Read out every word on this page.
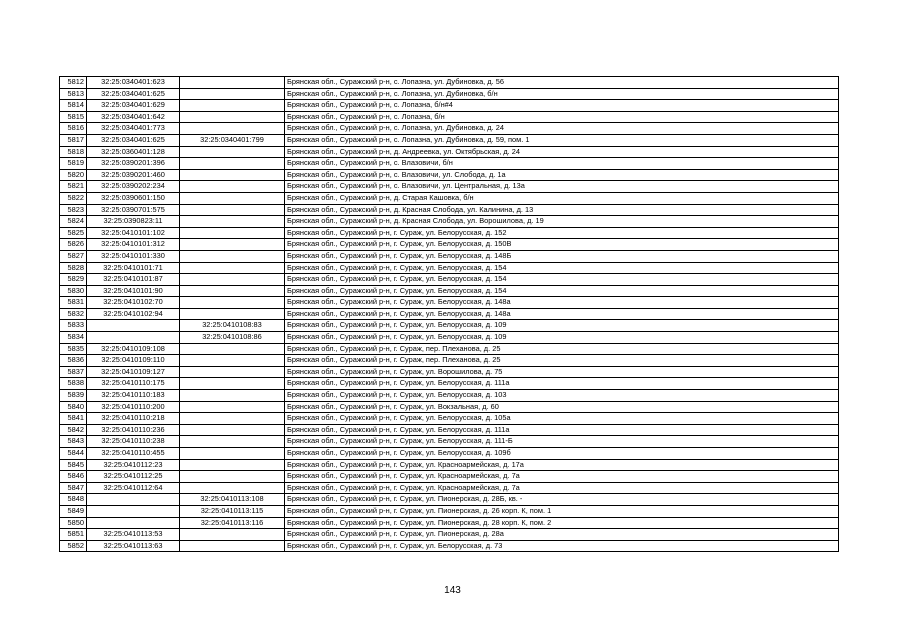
5812	32:25:0340401:623		Брянская обл., Суражский р-н, с. Лопазна, ул. Дубиновка, д. 56
5813	32:25:0340401:625		Брянская обл., Суражский р-н, с. Лопазна, ул. Дубиновка, б/н
5814	32:25:0340401:629		Брянская обл., Суражский р-н, с. Лопазна, б/н#4
5815	32:25:0340401:642		Брянская обл., Суражский р-н, с. Лопазна, б/н
5816	32:25:0340401:773		Брянская обл., Суражский р-н, с. Лопазна, ул. Дубиновка, д. 24
5817	32:25:0340401:625	32:25:0340401:799	Брянская обл., Суражский р-н, с. Лопазна, ул. Дубиновка, д. 59, пом. 1
5818	32:25:0360401:128		Брянская обл., Суражский р-н, д. Андреевка, ул. Октябрьская, д. 24
5819	32:25:0390201:396		Брянская обл., Суражский р-н, с. Влазовичи, б/н
5820	32:25:0390201:460		Брянская обл., Суражский р-н, с. Влазовичи, ул. Слобода, д. 1а
5821	32:25:0390202:234		Брянская обл., Суражский р-н, с. Влазовичи, ул. Центральная, д. 13а
5822	32:25:0390601:150		Брянская обл., Суражский р-н, д. Старая Кашовка, б/н
5823	32:25:0390701:575		Брянская обл., Суражский р-н, д. Красная Слобода, ул. Калинина, д. 13
5824	32:25:0390823:11		Брянская обл., Суражский р-н, д. Красная Слобода, ул. Ворошилова, д. 19
5825	32:25:0410101:102		Брянская обл., Суражский р-н, г. Сураж, ул. Белорусская, д. 152
5826	32:25:0410101:312		Брянская обл., Суражский р-н, г. Сураж, ул. Белорусская, д. 150В
5827	32:25:0410101:330		Брянская обл., Суражский р-н, г. Сураж, ул. Белорусская, д. 148Б
5828	32:25:0410101:71		Брянская обл., Суражский р-н, г. Сураж, ул. Белорусская, д. 154
5829	32:25:0410101:87		Брянская обл., Суражский р-н, г. Сураж, ул. Белорусская, д. 154
5830	32:25:0410101:90		Брянская обл., Суражский р-н, г. Сураж, ул. Белорусская, д. 154
5831	32:25:0410102:70		Брянская обл., Суражский р-н, г. Сураж, ул. Белорусская, д. 148а
5832	32:25:0410102:94		Брянская обл., Суражский р-н, г. Сураж, ул. Белорусская, д. 148а
5833		32:25:0410108:83	Брянская обл., Суражский р-н, г. Сураж, ул. Белорусская, д. 109
5834		32:25:0410108:86	Брянская обл., Суражский р-н, г. Сураж, ул. Белорусская, д. 109
5835	32:25:0410109:108		Брянская обл., Суражский р-н, г. Сураж, пер. Плеханова, д. 25
5836	32:25:0410109:110		Брянская обл., Суражский р-н, г. Сураж, пер. Плеханова, д. 25
5837	32:25:0410109:127		Брянская обл., Суражский р-н, г. Сураж, ул. Ворошилова, д. 75
5838	32:25:0410110:175		Брянская обл., Суражский р-н, г. Сураж, ул. Белорусская, д. 111а
5839	32:25:0410110:183		Брянская обл., Суражский р-н, г. Сураж, ул. Белорусская, д. 103
5840	32:25:0410110:200		Брянская обл., Суражский р-н, г. Сураж, ул. Вокзальная, д. 60
5841	32:25:0410110:218		Брянская обл., Суражский р-н, г. Сураж, ул. Белорусская, д. 105а
5842	32:25:0410110:236		Брянская обл., Суражский р-н, г. Сураж, ул. Белорусская, д. 111а
5843	32:25:0410110:238		Брянская обл., Суражский р-н, г. Сураж, ул. Белорусская, д. 111-Б
5844	32:25:0410110:455		Брянская обл., Суражский р-н, г. Сураж, ул. Белорусская, д. 109б
5845	32:25:0410112:23		Брянская обл., Суражский р-н, г. Сураж, ул. Красноармейская, д. 17а
5846	32:25:0410112:25		Брянская обл., Суражский р-н, г. Сураж, ул. Красноармейская, д. 7а
5847	32:25:0410112:64		Брянская обл., Суражский р-н, г. Сураж, ул. Красноармейская, д. 7а
5848		32:25:0410113:108	Брянская обл., Суражский р-н, г. Сураж, ул. Пионерская, д. 28Б, кв. -
5849		32:25:0410113:115	Брянская обл., Суражский р-н, г. Сураж, ул. Пионерская, д. 26 корп. К, пом. 1
5850		32:25:0410113:116	Брянская обл., Суражский р-н, г. Сураж, ул. Пионерская, д. 28 корп. К, пом. 2
5851	32:25:0410113:53		Брянская обл., Суражский р-н, г. Сураж, ул. Пионерская, д. 28а
5852	32:25:0410113:63		Брянская обл., Суражский р-н, г. Сураж, ул. Белорусская, д. 73
143
